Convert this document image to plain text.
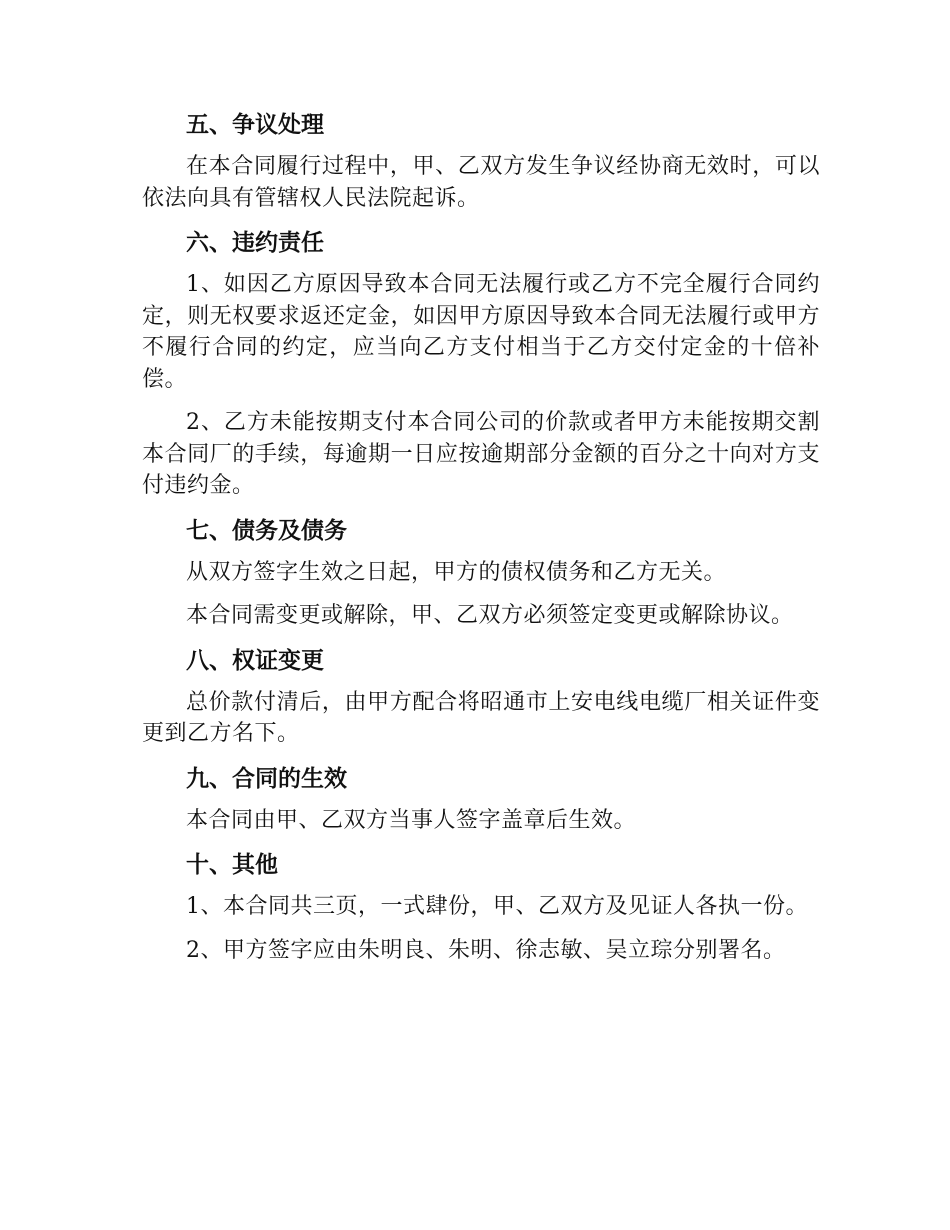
五、争议处理

在本合同履行过程中，甲、乙双方发生争议经协商无效时，可以依法向具有管辖权人民法院起诉。

六、违约责任

1、如因乙方原因导致本合同无法履行或乙方不完全履行合同约定，则无权要求返还定金，如因甲方原因导致本合同无法履行或甲方不履行合同的约定，应当向乙方支付相当于乙方交付定金的十倍补偿。

2、乙方未能按期支付本合同公司的价款或者甲方未能按期交割本合同厂的手续，每逾期一日应按逾期部分金额的百分之十向对方支付违约金。

七、债务及债务

从双方签字生效之日起，甲方的债权债务和乙方无关。

本合同需变更或解除，甲、乙双方必须签定变更或解除协议。

八、权证变更

总价款付清后，由甲方配合将昭通市上安电线电缆厂相关证件变更到乙方名下。

九、合同的生效

本合同由甲、乙双方当事人签字盖章后生效。

十、其他

1、本合同共三页，一式肆份，甲、乙双方及见证人各执一份。

2、甲方签字应由朱明良、朱明、徐志敏、吴立琮分别署名。
